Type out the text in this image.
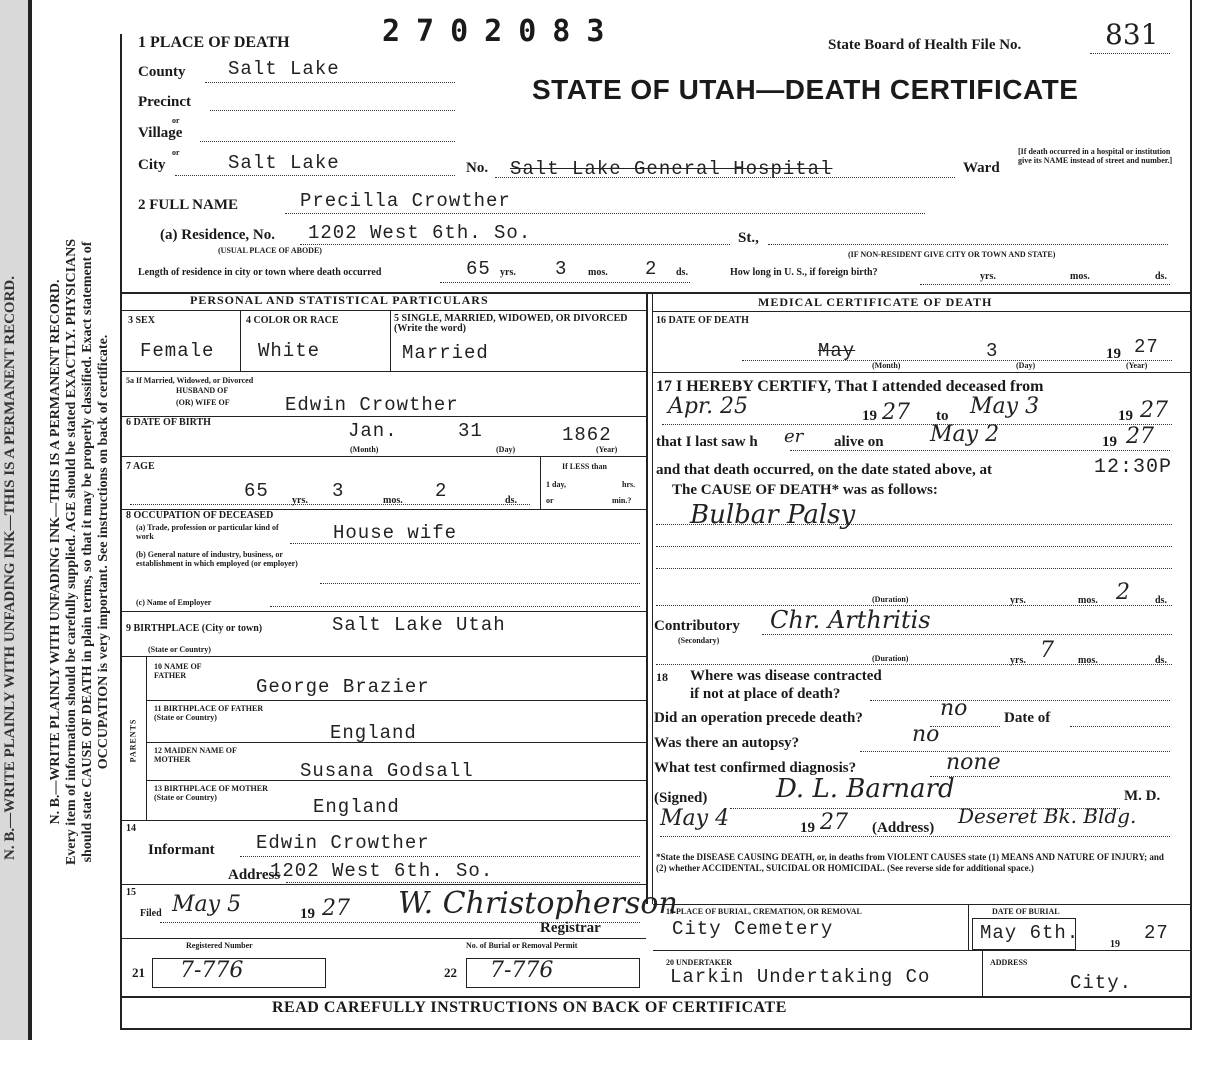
N. B.—WRITE PLAINLY WITH UNFADING INK—THIS IS A PERMANENT RECORD. N. B.—WRITE PLAINLY WITH UNFADING INK—THIS IS A PERMANENT RECORD. Every item of information should be carefully supplied. AGE should be stated EXACTLY. PHYSICIANS should state CAUSE OF DEATH in plain terms, so that it may be properly classified. Exact statement of OCCUPATION is very important. See instructions on back of certificate.
1 PLACE OF DEATH	2702083	State Board of Health File No.	831
STATE OF UTAH—DEATH CERTIFICATE
County Salt Lake
Precinct
or
Village
or
City	Salt Lake	No. Salt Lake General Hospital	Ward
[If death occurred in a hospital or institution give its NAME instead of street and number.]
2 FULL NAME	Precilla Crowther
(a) Residence, No. 1202 West 6th. So.	St.,
(USUAL PLACE OF ABODE)	(IF NON-RESIDENT GIVE CITY OR TOWN AND STATE)
Length of residence in city or town where death occurred	65 yrs. 3 mos. 2 ds.	How long in U. S., if foreign birth?	yrs.	mos.	ds.
PERSONAL AND STATISTICAL PARTICULARS
3 SEX
Female
4 COLOR OR RACE
White
5 SINGLE, MARRIED, WIDOWED, OR DIVORCED (Write the word)
Married
5a If Married, Widowed, or Divorced
HUSBAND OF
(OR) WIFE OF	Edwin Crowther
6 DATE OF BIRTH	Jan.	31	1862
(Month)	(Day)	(Year)
7 AGE
65 yrs. 3	mos. 2	ds.
If LESS than
1 day,	hrs.
or	min.?
8 OCCUPATION OF DECEASED
(a) Trade, profession or particular kind of work	House wife
(b) General nature of industry, business, or establishment in which employed (or employer)
(c) Name of Employer
9 BIRTHPLACE (City or town)	Salt Lake Utah
(State or Country)
PARENTS
10 NAME OF FATHER
George Brazier
11 BIRTHPLACE OF FATHER (State or Country)
England
12 MAIDEN NAME OF MOTHER
Susana Godsall
13 BIRTHPLACE OF MOTHER (State or Country)	England
14
Informant Edwin Crowther
Address
1202 West 6th. So.
15
Filed May 5	19 27 W. Christopherson
Registrar
Registered Number	No. of Burial or Removal Permit
21 7-776	22 7-776
MEDICAL CERTIFICATE OF DEATH
16 DATE OF DEATH
May	3	19 27
(Month)	(Day)	(Year)
17 I HEREBY CERTIFY, That I attended deceased from
Apr. 25	19 27 to May 3	19 27
that I last saw h er alive on May 2	19 27
and that death occurred, on the date stated above, at	12:30P
The CAUSE OF DEATH* was as follows:
Bulbar Palsy
(Duration)	yrs.	mos. 2	ds.
Contributory
(Secondary)
Chr. Arthritis
(Duration)	yrs. 7 mos.	ds.
18 Where was disease contracted
if not at place of death?
Did an operation precede death?	no Date of
Was there an autopsy?	no
What test confirmed diagnosis?	none
(Signed)	D. L. Barnard	M. D.
May 4	19 27 (Address) Deseret Bk. Bldg.
*State the DISEASE CAUSING DEATH, or, in deaths from VIOLENT CAUSES state (1) MEANS AND NATURE OF INJURY; and (2) whether ACCIDENTAL, SUICIDAL OR HOMICIDAL. (See reverse side for additional space.)
19 PLACE OF BURIAL, CREMATION, OR REMOVAL
City Cemetery
DATE OF BURIAL
May 6th.
19
27
20 UNDERTAKER
Larkin Undertaking Co
ADDRESS
City.
READ CAREFULLY INSTRUCTIONS ON BACK OF CERTIFICATE
